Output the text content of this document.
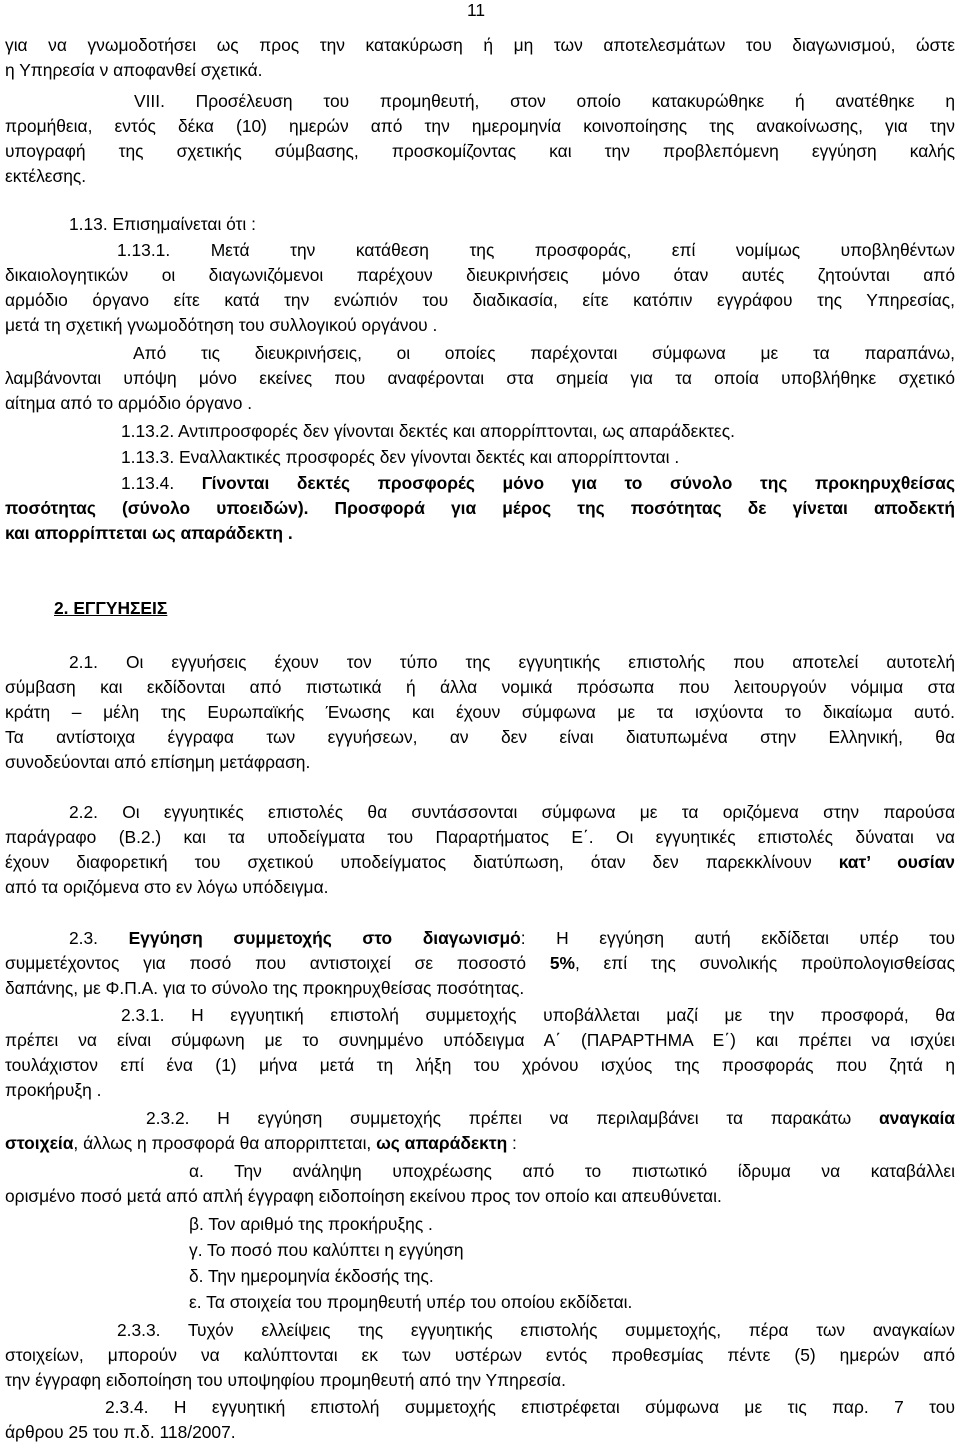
11
για να γνωμοδοτήσει ως προς την κατακύρωση ή μη των αποτελεσμάτων του διαγωνισμού, ώστε
η Υπηρεσία ν αποφανθεί σχετικά.
VIII. Προσέλευση του προμηθευτή, στον οποίο κατακυρώθηκε ή ανατέθηκε η
προμήθεια, εντός δέκα (10) ημερών από την ημερομηνία κοινοποίησης της ανακοίνωσης, για την
υπογραφή της σχετικής σύμβασης, προσκομίζοντας και την προβλεπόμενη εγγύηση καλής
εκτέλεσης.
1.13. Επισημαίνεται ότι :
1.13.1. Μετά την κατάθεση της προσφοράς, επί νομίμως υποβληθέντων
δικαιολογητικών οι διαγωνιζόμενοι παρέχουν διευκρινήσεις μόνο όταν αυτές ζητούνται από
αρμόδιο όργανο είτε κατά την ενώπιόν του διαδικασία, είτε κατόπιν εγγράφου της Υπηρεσίας,
μετά τη σχετική γνωμοδότηση του συλλογικού οργάνου .
Από τις διευκρινήσεις, οι οποίες παρέχονται σύμφωνα με τα παραπάνω,
λαμβάνονται υπόψη μόνο εκείνες που αναφέρονται στα σημεία για τα οποία υποβλήθηκε σχετικό
αίτημα από το αρμόδιο όργανο .
1.13.2. Αντιπροσφορές δεν γίνονται δεκτές και απορρίπτονται, ως απαράδεκτες.
1.13.3. Εναλλακτικές προσφορές δεν γίνονται δεκτές και απορρίπτονται .
1.13.4. Γίνονται δεκτές προσφορές μόνο για το σύνολο της προκηρυχθείσας
ποσότητας (σύνολο υποειδών). Προσφορά για μέρος της ποσότητας δε γίνεται αποδεκτή
και απορρίπτεται ως απαράδεκτη .
2. ΕΓΓΥΗΣΕΙΣ
2.1. Οι εγγυήσεις έχουν τον τύπο της εγγυητικής επιστολής που αποτελεί αυτοτελή
σύμβαση και εκδίδονται από πιστωτικά ή άλλα νομικά πρόσωπα που λειτουργούν νόμιμα στα
κράτη – μέλη της Ευρωπαϊκής Ένωσης και έχουν σύμφωνα με τα ισχύοντα το δικαίωμα αυτό.
Τα αντίστοιχα έγγραφα των εγγυήσεων, αν δεν είναι διατυπωμένα στην Ελληνική, θα
συνοδεύονται από επίσημη μετάφραση.
2.2. Οι εγγυητικές επιστολές θα συντάσσονται σύμφωνα με τα οριζόμενα στην παρούσα
παράγραφο (Β.2.) και τα υποδείγματα του Παραρτήματος Ε΄. Οι εγγυητικές επιστολές δύναται να
έχουν διαφορετική του σχετικού υποδείγματος διατύπωση, όταν δεν παρεκκλίνουν κατ’ ουσίαν
από τα οριζόμενα στο εν λόγω υπόδειγμα.
2.3. Εγγύηση συμμετοχής στο διαγωνισμό: Η εγγύηση αυτή εκδίδεται υπέρ του
συμμετέχοντος για ποσό που αντιστοιχεί σε ποσοστό 5%, επί της συνολικής προϋπολογισθείσας
δαπάνης, με Φ.Π.Α. για το σύνολο της προκηρυχθείσας ποσότητας.
2.3.1. Η εγγυητική επιστολή συμμετοχής υποβάλλεται μαζί με την προσφορά, θα
πρέπει να είναι σύμφωνη με το συνημμένο υπόδειγμα Α΄ (ΠΑΡΑΡΤΗΜΑ Ε΄) και πρέπει να ισχύει
τουλάχιστον επί ένα (1) μήνα μετά τη λήξη του χρόνου ισχύος της προσφοράς που ζητά η
προκήρυξη .
2.3.2. Η εγγύηση συμμετοχής πρέπει να περιλαμβάνει τα παρακάτω αναγκαία
στοιχεία, άλλως η προσφορά θα απορριπτεται, ως απαράδεκτη :
α. Την ανάληψη υποχρέωσης από το πιστωτικό ίδρυμα να καταβάλλει
ορισμένο ποσό μετά από απλή έγγραφη ειδοποίηση εκείνου προς τον οποίο και απευθύνεται.
β. Τον αριθμό της προκήρυξης .
γ. Το ποσό που καλύπτει η εγγύηση
δ. Την ημερομηνία έκδοσής της.
ε. Τα στοιχεία του προμηθευτή υπέρ του οποίου εκδίδεται.
2.3.3. Τυχόν ελλείψεις της εγγυητικής επιστολής συμμετοχής, πέρα των αναγκαίων
στοιχείων, μπορούν να καλύπτονται εκ των υστέρων εντός προθεσμίας πέντε (5) ημερών από
την έγγραφη ειδοποίηση του υποψηφίου προμηθευτή από την Υπηρεσία.
2.3.4. Η εγγυητική επιστολή συμμετοχής επιστρέφεται σύμφωνα με τις παρ. 7 του
άρθρου 25 του π.δ. 118/2007.
